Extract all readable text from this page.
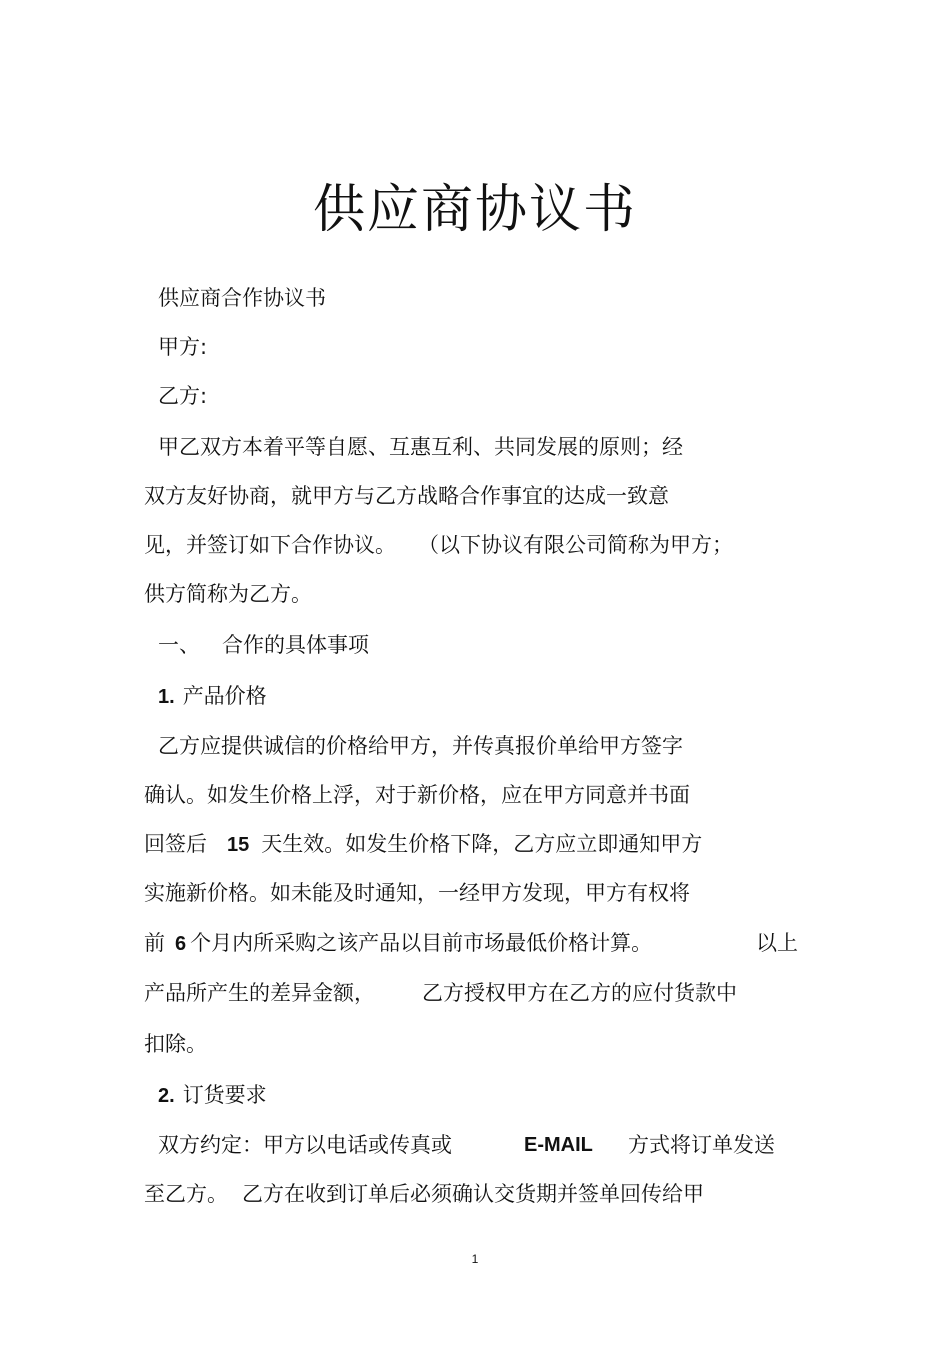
供应商协议书
供应商合作协议书
甲方:
乙方:
甲乙双方本着平等自愿、互惠互利、共同发展的原则；经
双方友好协商，就甲方与乙方战略合作事宜的达成一致意
见，并签订如下合作协议。 （以下协议有限公司简称为甲方；
供方简称为乙方。
一、 合作的具体事项
1. 产品价格
乙方应提供诚信的价格给甲方，并传真报价单给甲方签字
确认。如发生价格上浮，对于新价格，应在甲方同意并书面
回签后 15 天生效。如发生价格下降，乙方应立即通知甲方
实施新价格。如未能及时通知，一经甲方发现，甲方有权将
前 6 个月内所采购之该产品以目前市场最低价格计算。	以上
产品所产生的差异金额， 乙方授权甲方在乙方的应付货款中
扣除。
2. 订货要求
双方约定：甲方以电话或传真或	E-MAIL 方式将订单发送
至乙方。 乙方在收到订单后必须确认交货期并签单回传给甲
1
